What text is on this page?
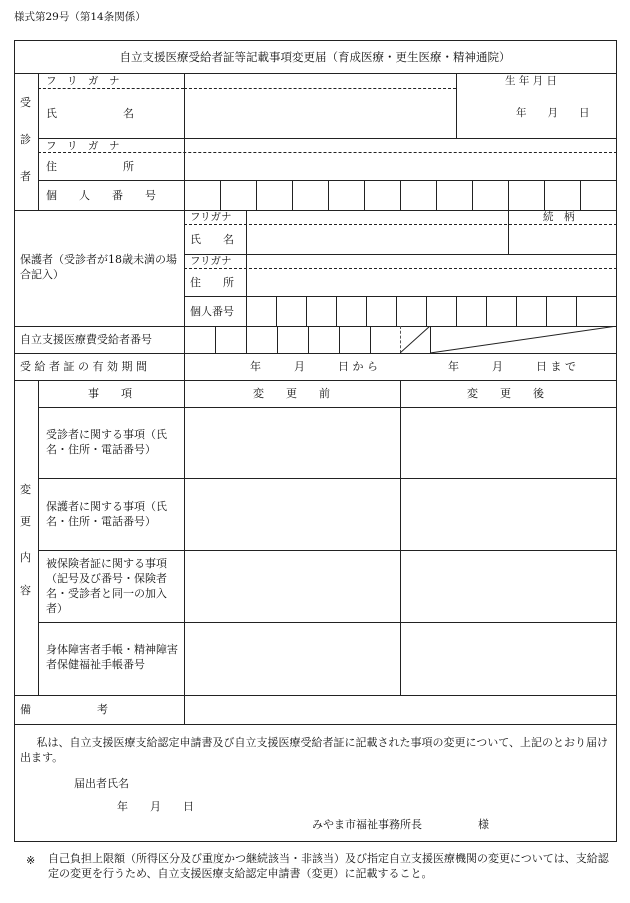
様式第29号（第14条関係）
自立支援医療受給者証等記載事項変更届（育成医療・更生医療・精神通院）
受
診
者
フ　リ　ガ　ナ
氏　　　　　　名
生 年 月 日
年　　月　　日
フ　リ　ガ　ナ
住　　　　　　所
個　　人　　番　　号
保護者（受診者が18歳未満の場合記入）
フリガナ	続　柄
氏　　名
フリガナ
住　　所
個人番号
自立支援医療費受給者番号
受 給 者 証 の 有 効 期 間	年　　　月　　　日 か ら	年　　　月　　　日 ま で
変
更
内
容
事　　項	変　　更　　前	変　　更　　後
受診者に関する事項（氏名・住所・電話番号）
保護者に関する事項（氏名・住所・電話番号）
被保険者証に関する事項（記号及び番号・保険者名・受診者と同一の加入者）
身体障害者手帳・精神障害者保健福祉手帳番号
備　　　　　　考
私は、自立支援医療支給認定申請書及び自立支援医療受給者証に記載された事項の変更について、上記のとおり届け出ます。
届出者氏名
年　　月　　日
みやま市福祉事務所長	様
※ 自己負担上限額（所得区分及び重度かつ継続該当・非該当）及び指定自立支援医療機関の変更については、支給認定の変更を行うため、自立支援医療支給認定申請書（変更）に記載すること。
